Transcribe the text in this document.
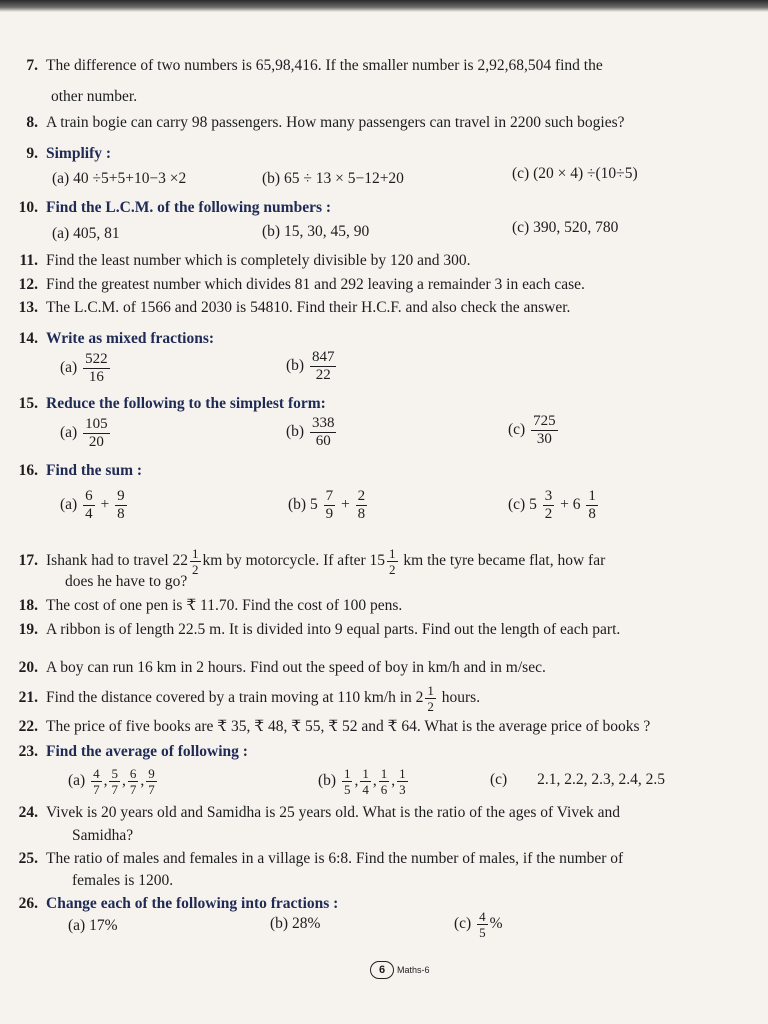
7. The difference of two numbers is 65,98,416. If the smaller number is 2,92,68,504 find the
other number.
8. A train bogie can carry 98 passengers. How many passengers can travel in 2200 such bogies?
9. Simplify :
(a) 40 ÷5+5+10−3 ×2	(b) 65 ÷ 13 × 5−12+20	(c) (20 × 4) ÷(10÷5)
10. Find the L.C.M. of the following numbers :
(a) 405, 81	(b) 15, 30, 45, 90	(c) 390, 520, 780
11. Find the least number which is completely divisible by 120 and 300.
12. Find the greatest number which divides 81 and 292 leaving a remainder 3 in each case.
13. The L.C.M. of 1566 and 2030 is 54810. Find their H.C.F. and also check the answer.
14. Write as mixed fractions:
$(a) \frac{522}{16}$	$(b) \frac{847}{22}$
15. Reduce the following to the simplest form:
$(a) \frac{105}{20}$	$(b) \frac{338}{60}$	$(c) \frac{725}{30}$
16. Find the sum :
$(a) \frac{6}{4} + \frac{9}{8}$	(b) $5 \frac{7}{9} + \frac{2}{8}$	(c) $5 \frac{3}{2} + 6 \frac{1}{8}$
17. Ishank had to travel $22 \frac{1}{2}$ km by motorcycle. If after $15 \frac{1}{2}$ km the tyre became flat, how far
does he have to go?
18. The cost of one pen is ₹ 11.70. Find the cost of 100 pens.
19. A ribbon is of length 22.5 m. It is divided into 9 equal parts. Find out the length of each part.
20. A boy can run 16 km in 2 hours. Find out the speed of boy in km/h and in m/sec.
21. Find the distance covered by a train moving at 110 km/h in $2 \frac{1}{2}$ hours.
22. The price of five books are ₹ 35, ₹ 48, ₹ 55, ₹ 52 and ₹ 64. What is the average price of books ?
23. Find the average of following :
$(a) \frac{4}{7}$ , $\frac{5}{7}$ , $\frac{6}{7}$ , $\frac{9}{7}$	$(b) \frac{1}{5}$ , $\frac{1}{4}$ , $\frac{1}{6}$ , $\frac{1}{3}$	(c) 2.1, 2.2, 2.3, 2.4, 2.5
24. Vivek is 20 years old and Samidha is 25 years old. What is the ratio of the ages of Vivek and
Samidha?
25. The ratio of males and females in a village is 6:8. Find the number of males, if the number of
females is 1200.
26. Change each of the following into fractions :
(a) 17%	(b) 28%	$(c) \frac{4}{5}$ %
6	Maths-6
